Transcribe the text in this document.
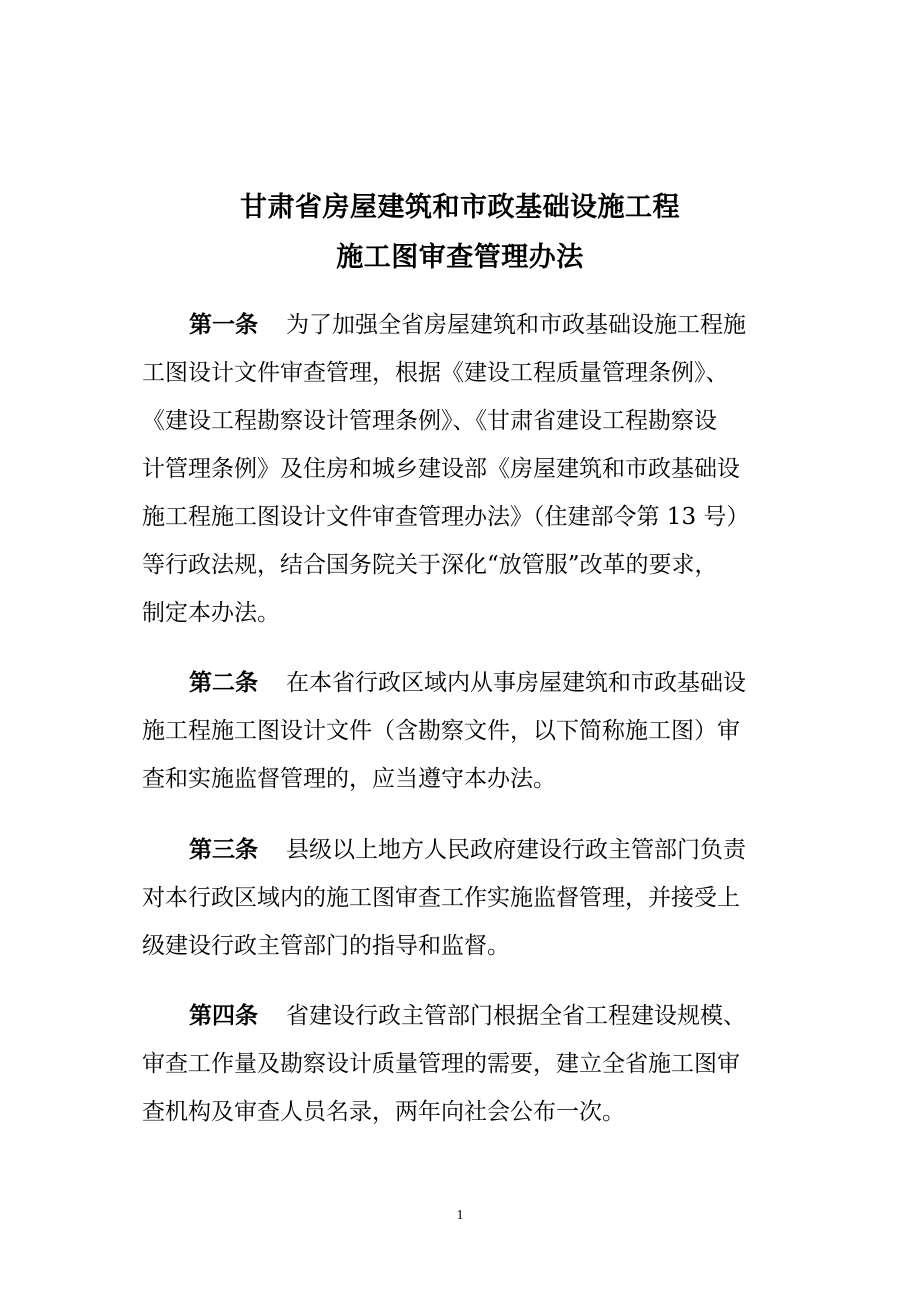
甘肃省房屋建筑和市政基础设施工程
施工图审查管理办法
第一条 为了加强全省房屋建筑和市政基础设施工程施
工图设计文件审查管理，根据《建设工程质量管理条例》、
《建设工程勘察设计管理条例》、《甘肃省建设工程勘察设
计管理条例》及住房和城乡建设部《房屋建筑和市政基础设
施工程施工图设计文件审查管理办法》（住建部令第 13 号）
等行政法规，结合国务院关于深化“放管服”改革的要求，
制定本办法。
第二条 在本省行政区域内从事房屋建筑和市政基础设
施工程施工图设计文件（含勘察文件，以下简称施工图）审
查和实施监督管理的，应当遵守本办法。
第三条 县级以上地方人民政府建设行政主管部门负责
对本行政区域内的施工图审查工作实施监督管理，并接受上
级建设行政主管部门的指导和监督。
第四条 省建设行政主管部门根据全省工程建设规模、
审查工作量及勘察设计质量管理的需要，建立全省施工图审
查机构及审查人员名录，两年向社会公布一次。
1
